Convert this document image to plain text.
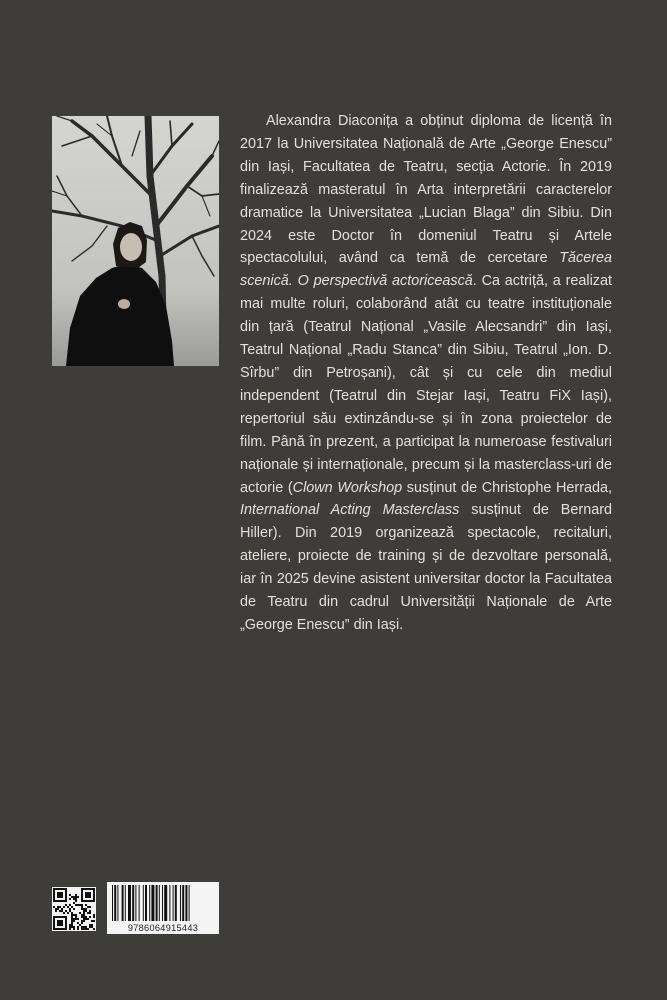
Alexandra Diaconița a obținut diploma de licență în 2017 la Universitatea Națională de Arte „George Enescu” din Iași, Facultatea de Teatru, secția Actorie. În 2019 finalizează masteratul în Arta interpretării caracterelor dramatice la Universitatea „Lucian Blaga” din Sibiu. Din 2024 este Doctor în domeniul Teatru și Artele spectacolului, având ca temă de cercetare Tăcerea scenică. O perspectivă actoricească. Ca actriță, a realizat mai multe roluri, colaborând atât cu teatre instituționale din țară (Teatrul Național „Vasile Alecsandri” din Iași, Teatrul Național „Radu Stanca” din Sibiu, Teatrul „Ion. D. Sîrbu” din Petroșani), cât și cu cele din mediul independent (Teatrul din Stejar Iași, Teatru FiX Iași), repertoriul său extinzându-se și în zona proiectelor de film. Până în prezent, a participat la numeroase festivaluri naționale și internaționale, precum și la masterclass-uri de actorie (Clown Workshop susținut de Christophe Herrada, International Acting Masterclass susținut de Bernard Hiller). Din 2019 organizează spectacole, recitaluri, ateliere, proiecte de training și de dezvoltare personală, iar în 2025 devine asistent universitar doctor la Facultatea de Teatru din cadrul Universității Naționale de Arte „George Enescu” din Iași.

9786064915443
